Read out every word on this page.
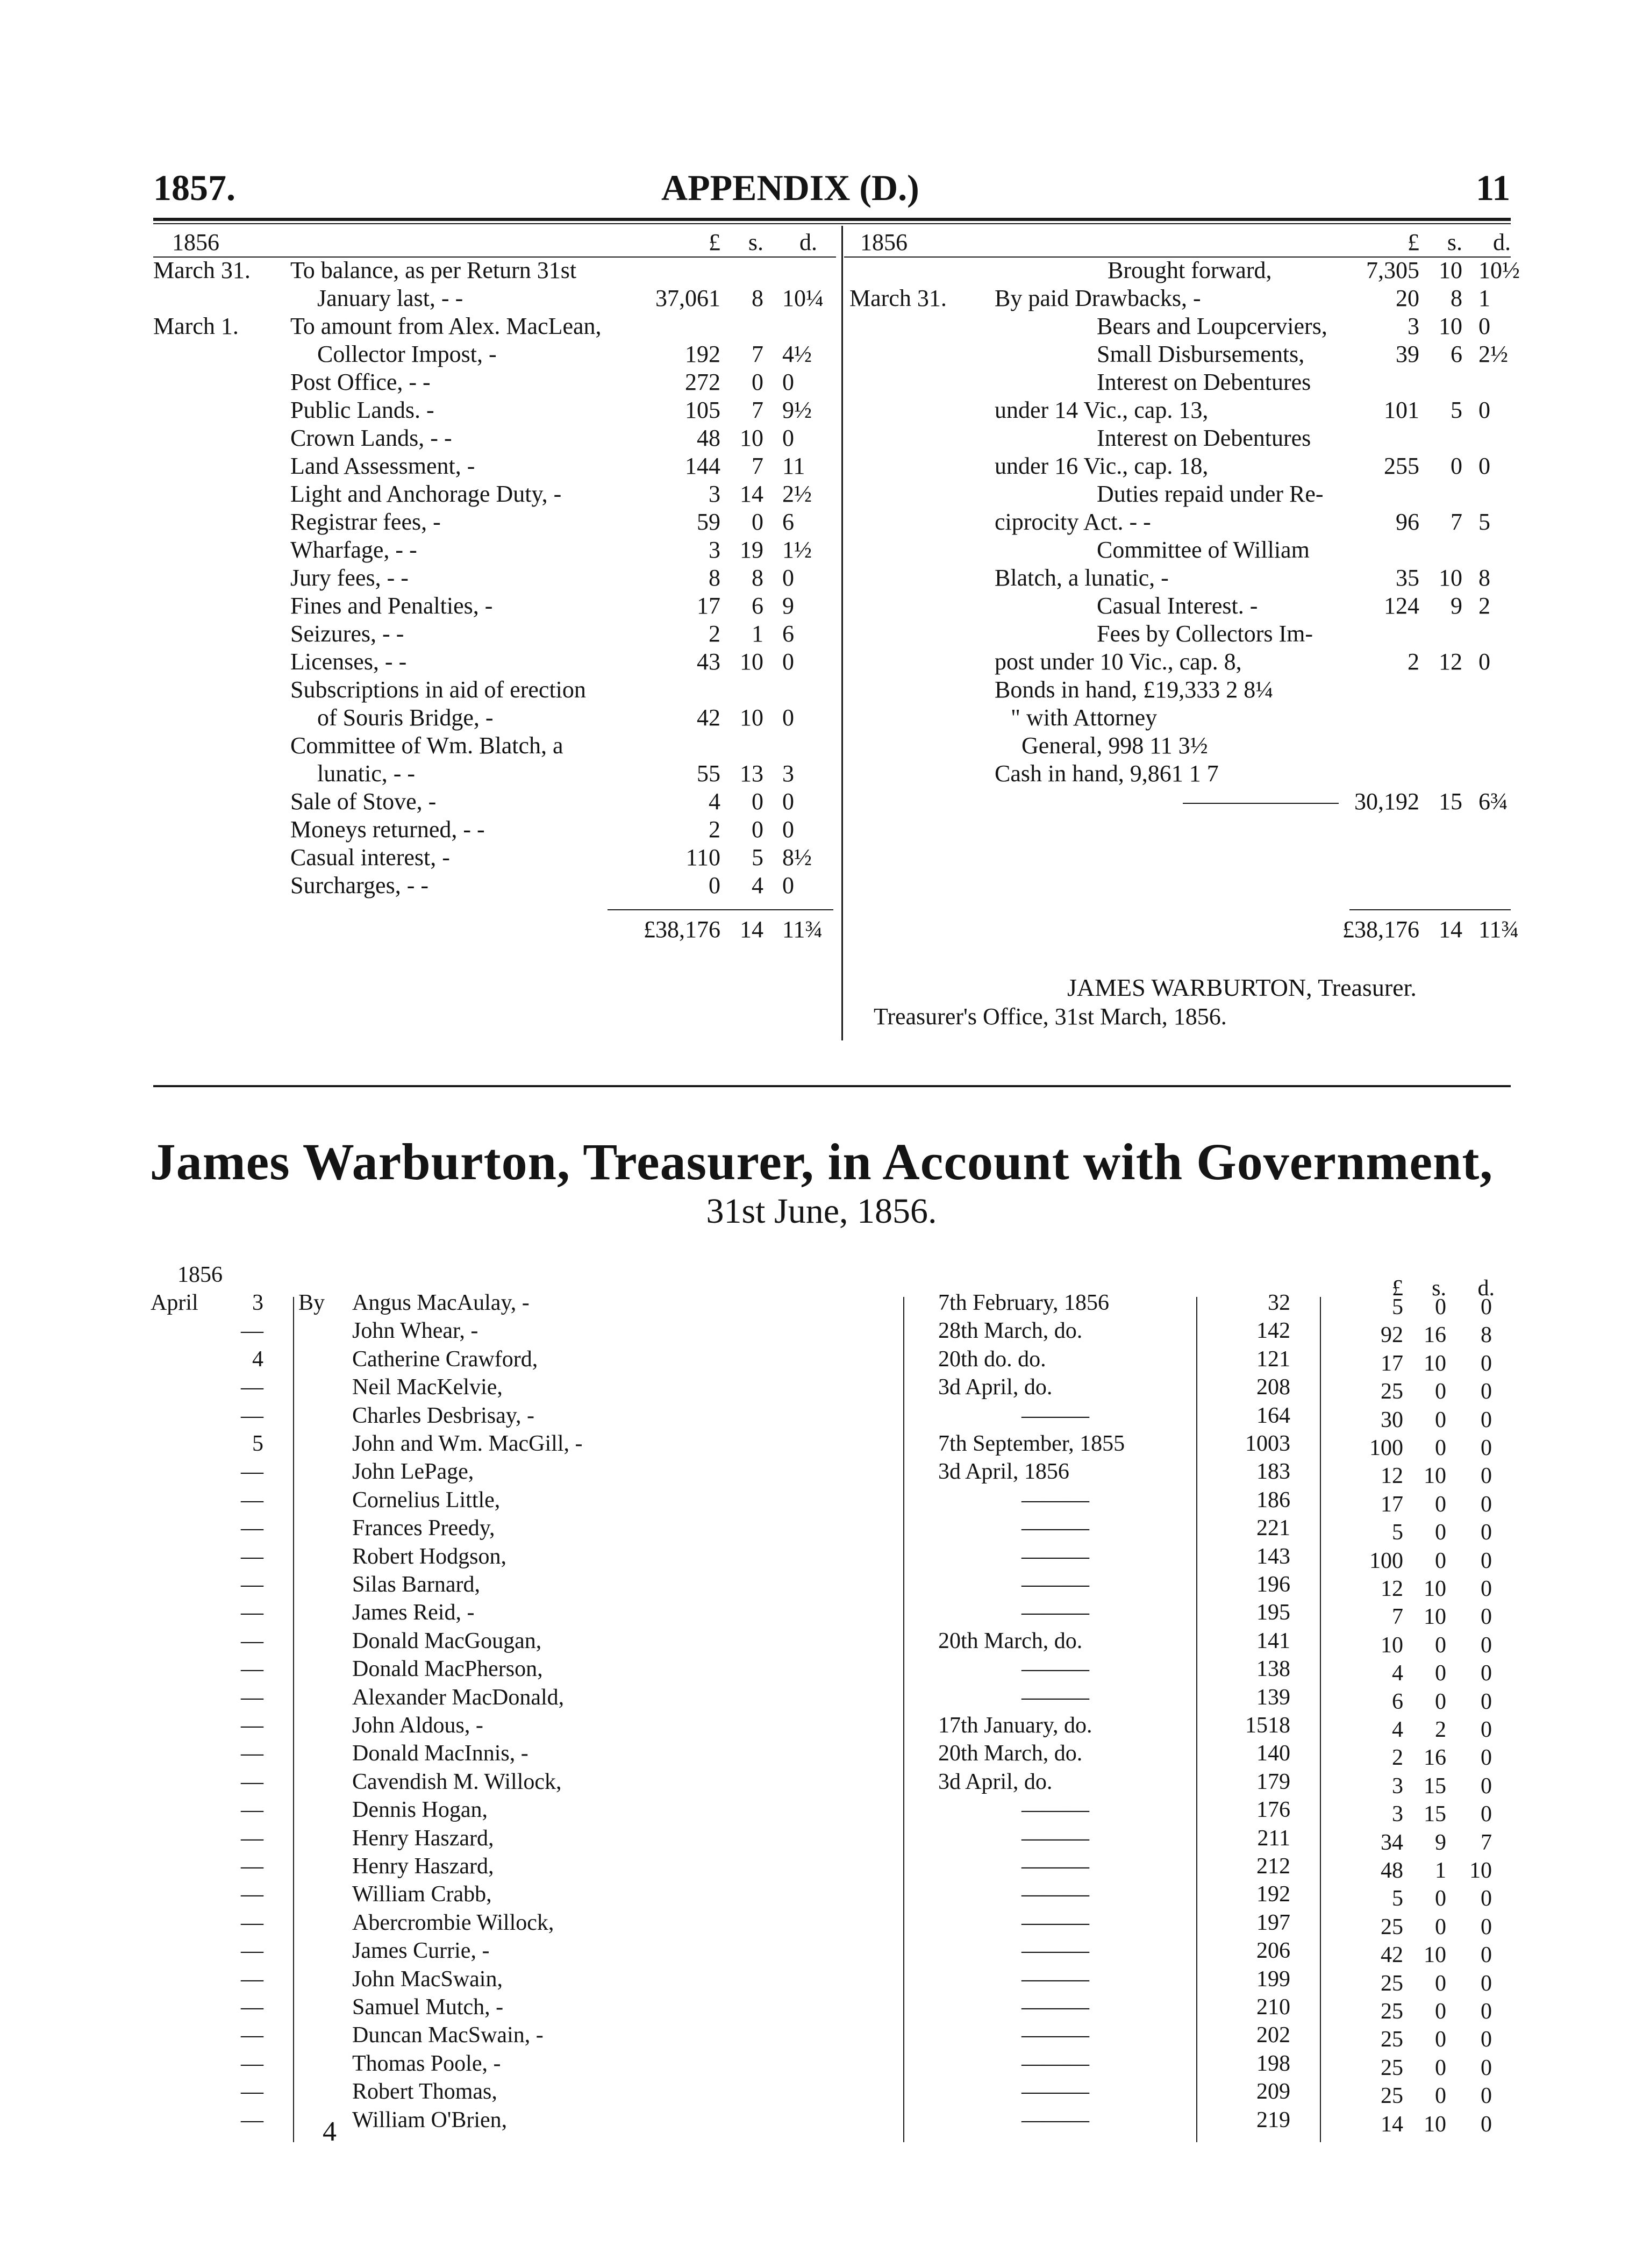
1857.	APPENDIX (D.)	11
1856	£	s.	d.
March 31. To balance, as per Return 31st
January last, - -	37,061	8 10¼
March 1. To amount from Alex. MacLean,
Collector Impost, -	192	7 4½
Post Office, - -	272	0 0
Public Lands. -	105	7 9½
Crown Lands, - -	48 10 0
Land Assessment, -	144	7 11
Light and Anchorage Duty, -	3 14 2½
Registrar fees, -	59	0 6
Wharfage, - -	3 19 1½
Jury fees, - -	8	8 0
Fines and Penalties, -	17	6 9
Seizures, - -	2	1 6
Licenses, - -	43 10 0
Subscriptions in aid of erection
of Souris Bridge, -	42 10 0
Committee of Wm. Blatch, a
lunatic, - -	55 13 3
Sale of Stove, -	4	0 0
Moneys returned, - -	2	0 0
Casual interest, -	110	5 8½
Surcharges, - -	0	4 0
£38,176 14 11¾
1856	£	s.	d.
Brought forward,	7,305 10 10½
March 31. By paid Drawbacks, -	20	8 1
Bears and Loupcerviers,	3 10 0
Small Disbursements,	39	6 2½
Interest on Debentures
under 14 Vic., cap. 13,	101	5 0
Interest on Debentures
under 16 Vic., cap. 18,	255	0 0
Duties repaid under Re-
ciprocity Act. - -	96	7 5
Committee of William
Blatch, a lunatic, -	35 10 8
Casual Interest. -	124	9 2
Fees by Collectors Im-
post under 10 Vic., cap. 8,	2 12 0
Bonds in hand, £19,333 2 8¼
" with Attorney
General, 998 11 3½
Cash in hand, 9,861 1 7
30,192 15 6¾
£38,176 14 11¾
JAMES WARBURTON, Treasurer.
Treasurer's Office, 31st March, 1856.
James Warburton, Treasurer, in Account with Government,
31st June, 1856.
1856
£	s.	d.
April	3 By Angus MacAulay, -	7th February, 1856	32	5	0	0
—	John Whear, -	28th March, do.	142	92 16	8
4	Catherine Crawford,	20th do. do.	121	17 10	0
—	Neil MacKelvie,	3d April, do.	208	25	0	0
—	Charles Desbrisay, -	———	164	30	0	0
5	John and Wm. MacGill, -	7th September, 1855	1003	100	0	0
—	John LePage,	3d April, 1856	183	12 10	0
—	Cornelius Little,	———	186	17	0	0
—	Frances Preedy,	———	221	5	0	0
—	Robert Hodgson,	———	143	100	0	0
—	Silas Barnard,	———	196	12 10	0
—	James Reid, -	———	195	7 10	0
—	Donald MacGougan,	20th March, do.	141	10	0	0
—	Donald MacPherson,	———	138	4	0	0
—	Alexander MacDonald,	———	139	6	0	0
—	John Aldous, -	17th January, do.	1518	4	2	0
—	Donald MacInnis, -	20th March, do.	140	2 16	0
—	Cavendish M. Willock,	3d April, do.	179	3 15	0
—	Dennis Hogan,	———	176	3 15	0
—	Henry Haszard,	———	211	34	9	7
—	Henry Haszard,	———	212	48	1	10
—	William Crabb,	———	192	5	0	0
—	Abercrombie Willock,	———	197	25	0	0
—	James Currie, -	———	206	42 10	0
—	John MacSwain,	———	199	25	0	0
—	Samuel Mutch, -	———	210	25	0	0
—	Duncan MacSwain, -	———	202	25	0	0
—	Thomas Poole, -	———	198	25	0	0
—	Robert Thomas,	———	209	25	0	0
—	William O'Brien,	———	219	14 10	0
4
